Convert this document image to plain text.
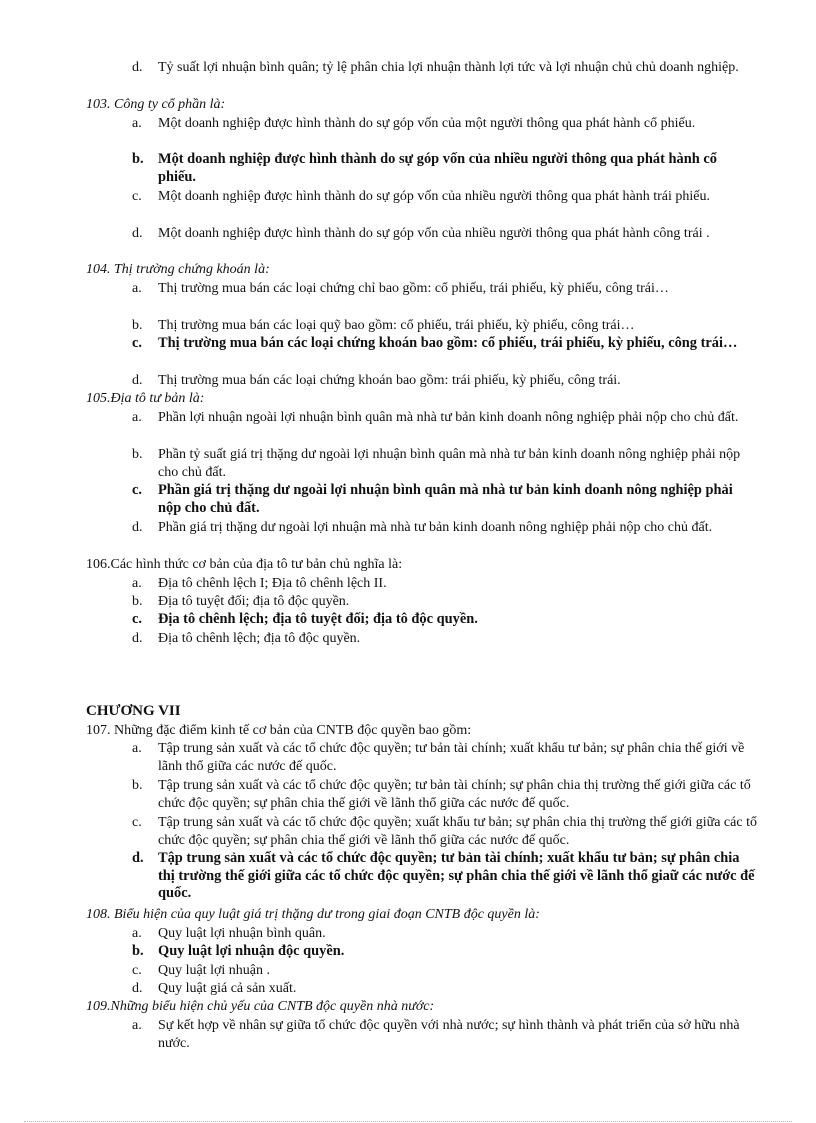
d.	Tỷ suất lợi nhuận bình quân; tỷ lệ phân chia lợi nhuận thành lợi tức và lợi nhuận chủ chủ doanh nghiệp.
103. Công ty cổ phần là:
a.	Một doanh nghiệp được hình thành do sự góp vốn của một người thông qua phát hành cổ phiếu.
b. Một doanh nghiệp được hình thành do sự góp vốn của nhiều người thông qua phát hành cổ phiếu.
c.	Một doanh nghiệp được hình thành do sự góp vốn của nhiều người thông qua phát hành trái phiếu.
d.	Một doanh nghiệp được hình thành do sự góp vốn của nhiều người thông qua phát hành công trái .
104. Thị trường chứng khoán là:
a.	Thị trường mua bán các loại chứng chỉ bao gồm: cổ phiếu, trái phiếu, kỳ phiếu, công trái…
b.	Thị trường mua bán các loại quỹ bao gồm: cổ phiếu, trái phiếu, kỳ phiếu, công trái…
c.	Thị trường mua bán các loại chứng khoán bao gồm: cổ phiếu, trái phiếu, kỳ phiếu, công trái…
d.	Thị trường mua bán các loại chứng khoán bao gồm: trái phiếu, kỳ phiếu, công trái.
105.Địa tô tư bản là:
a.	Phần lợi nhuận ngoài lợi nhuận bình quân mà nhà tư bản kinh doanh nông nghiệp phải nộp cho chủ đất.
b.	Phần tỷ suất giá trị thặng dư ngoài lợi nhuận bình quân mà nhà tư bản kinh doanh nông nghiệp phải nộp cho chủ đất.
c.	Phần giá trị thặng dư ngoài lợi nhuận bình quân mà nhà tư bản kinh doanh nông nghiệp phải nộp cho chủ đất.
d.	Phần giá trị thặng dư ngoài lợi nhuận mà nhà tư bản kinh doanh nông nghiệp phải nộp cho chủ đất.
106.Các hình thức cơ bản của địa tô tư bản chủ nghĩa là:
a.	Địa tô chênh lệch I; Địa tô chênh lệch II.
b.	Địa tô tuyệt đối; địa tô độc quyền.
c.	Địa tô chênh lệch; địa tô tuyệt đối; địa tô độc quyền.
d.	Địa tô chênh lệch; địa tô độc quyền.
CHƯƠNG VII
107. Những đặc điểm kinh tế cơ bản của CNTB độc quyền bao gồm:
a.	Tập trung sản xuất và các tổ chức độc quyền; tư bản tài chính; xuất khẩu tư bản; sự phân chia thế giới về lãnh thổ giữa các nước đế quốc.
b.	Tập trung sản xuất và các tổ chức độc quyền; tư bản tài chính; sự phân chia thị trường thế giới giữa các tổ chức độc quyền; sự phân chia thế giới về lãnh thổ giữa các nước đế quốc.
c.	Tập trung sản xuất và các tổ chức độc quyền; xuất khẩu tư bản; sự phân chia thị trường thế giới giữa các tổ chức độc quyền; sự phân chia thế giới về lãnh thổ giữa các nước đế quốc.
d. Tập trung sản xuất và các tổ chức độc quyền; tư bản tài chính; xuất khẩu tư bản; sự phân chia thị trường thế giới giữa các tổ chức độc quyền; sự phân chia thế giới về lãnh thổ giaữ các nước đế quốc.
108. Biểu hiện của quy luật giá trị thặng dư trong giai đoạn CNTB độc quyền là:
a.	Quy luật lợi nhuận bình quân.
b. Quy luật lợi nhuận độc quyền.
c.	Quy luật lợi nhuận .
d.	Quy luật giá cả sản xuất.
109.Những biểu hiện chủ yếu của CNTB độc quyền nhà nước:
a.	Sự kết hợp về nhân sự giữa tổ chức độc quyền với nhà nước; sự hình thành và phát triển của sở hữu nhà nước.
